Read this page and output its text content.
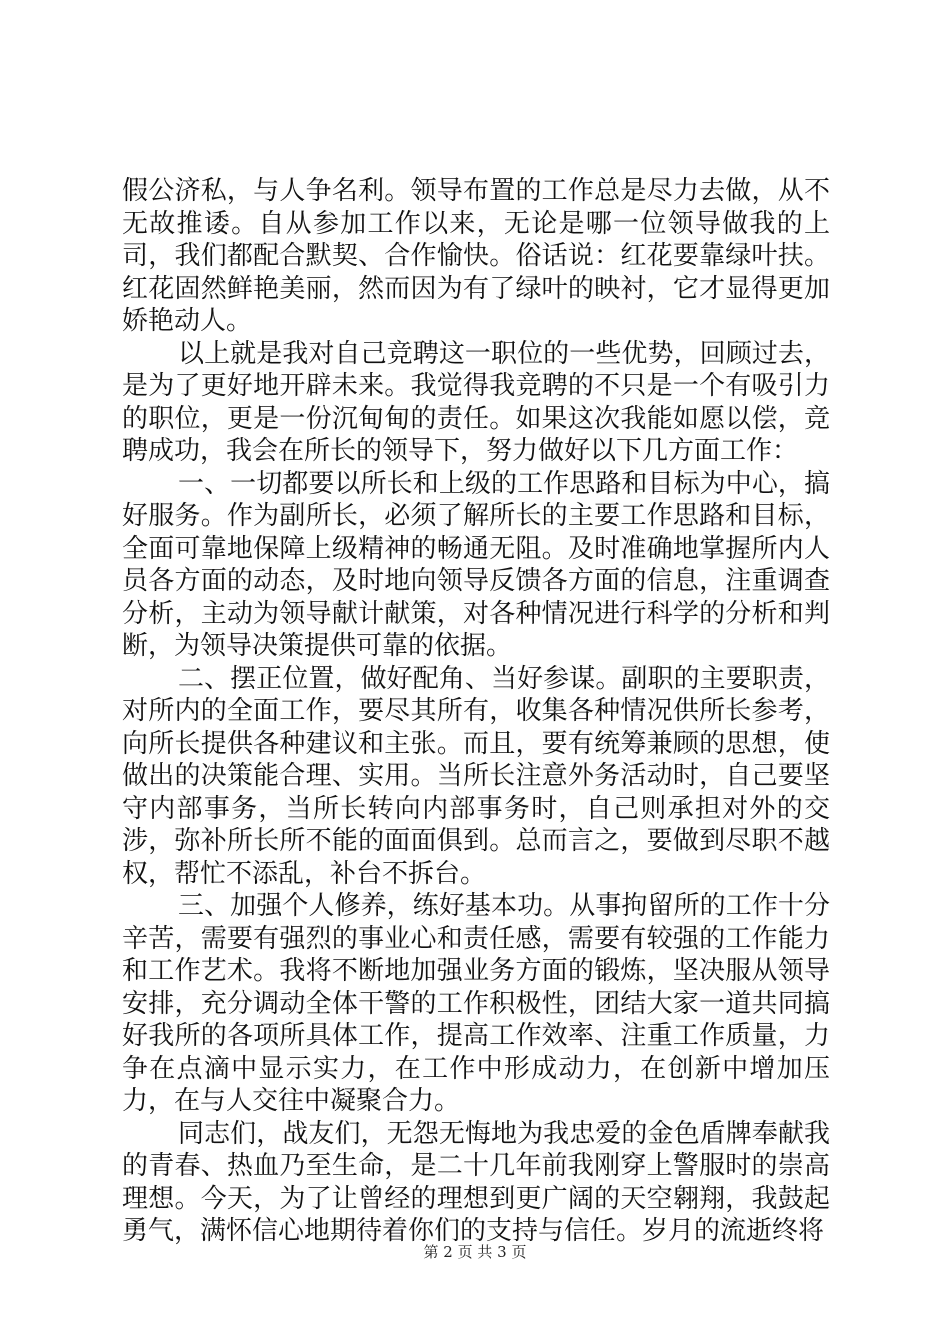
假公济私，与人争名利。领导布置的工作总是尽力去做，从不无故推诿。自从参加工作以来，无论是哪一位领导做我的上司，我们都配合默契、合作愉快。俗话说：红花要靠绿叶扶。红花固然鲜艳美丽，然而因为有了绿叶的映衬，它才显得更加娇艳动人。

以上就是我对自己竞聘这一职位的一些优势，回顾过去，是为了更好地开辟未来。我觉得我竞聘的不只是一个有吸引力的职位，更是一份沉甸甸的责任。如果这次我能如愿以偿，竞聘成功，我会在所长的领导下，努力做好以下几方面工作：

一、一切都要以所长和上级的工作思路和目标为中心，搞好服务。作为副所长，必须了解所长的主要工作思路和目标，全面可靠地保障上级精神的畅通无阻。及时准确地掌握所内人员各方面的动态，及时地向领导反馈各方面的信息，注重调查分析，主动为领导献计献策，对各种情况进行科学的分析和判断，为领导决策提供可靠的依据。

二、摆正位置，做好配角、当好参谋。副职的主要职责，对所内的全面工作，要尽其所有，收集各种情况供所长参考，向所长提供各种建议和主张。而且，要有统筹兼顾的思想，使做出的决策能合理、实用。当所长注意外务活动时，自己要坚守内部事务，当所长转向内部事务时，自己则承担对外的交涉，弥补所长所不能的面面俱到。总而言之，要做到尽职不越权，帮忙不添乱，补台不拆台。

三、加强个人修养，练好基本功。从事拘留所的工作十分辛苦，需要有强烈的事业心和责任感，需要有较强的工作能力和工作艺术。我将不断地加强业务方面的锻炼，坚决服从领导安排，充分调动全体干警的工作积极性，团结大家一道共同搞好我所的各项所具体工作，提高工作效率、注重工作质量，力争在点滴中显示实力，在工作中形成动力，在创新中增加压力，在与人交往中凝聚合力。

同志们，战友们，无怨无悔地为我忠爱的金色盾牌奉献我的青春、热血乃至生命，是二十几年前我刚穿上警服时的崇高理想。今天，为了让曾经的理想到更广阔的天空翱翔，我鼓起勇气，满怀信心地期待着你们的支持与信任。岁月的流逝终将

第 2 页 共 3 页
